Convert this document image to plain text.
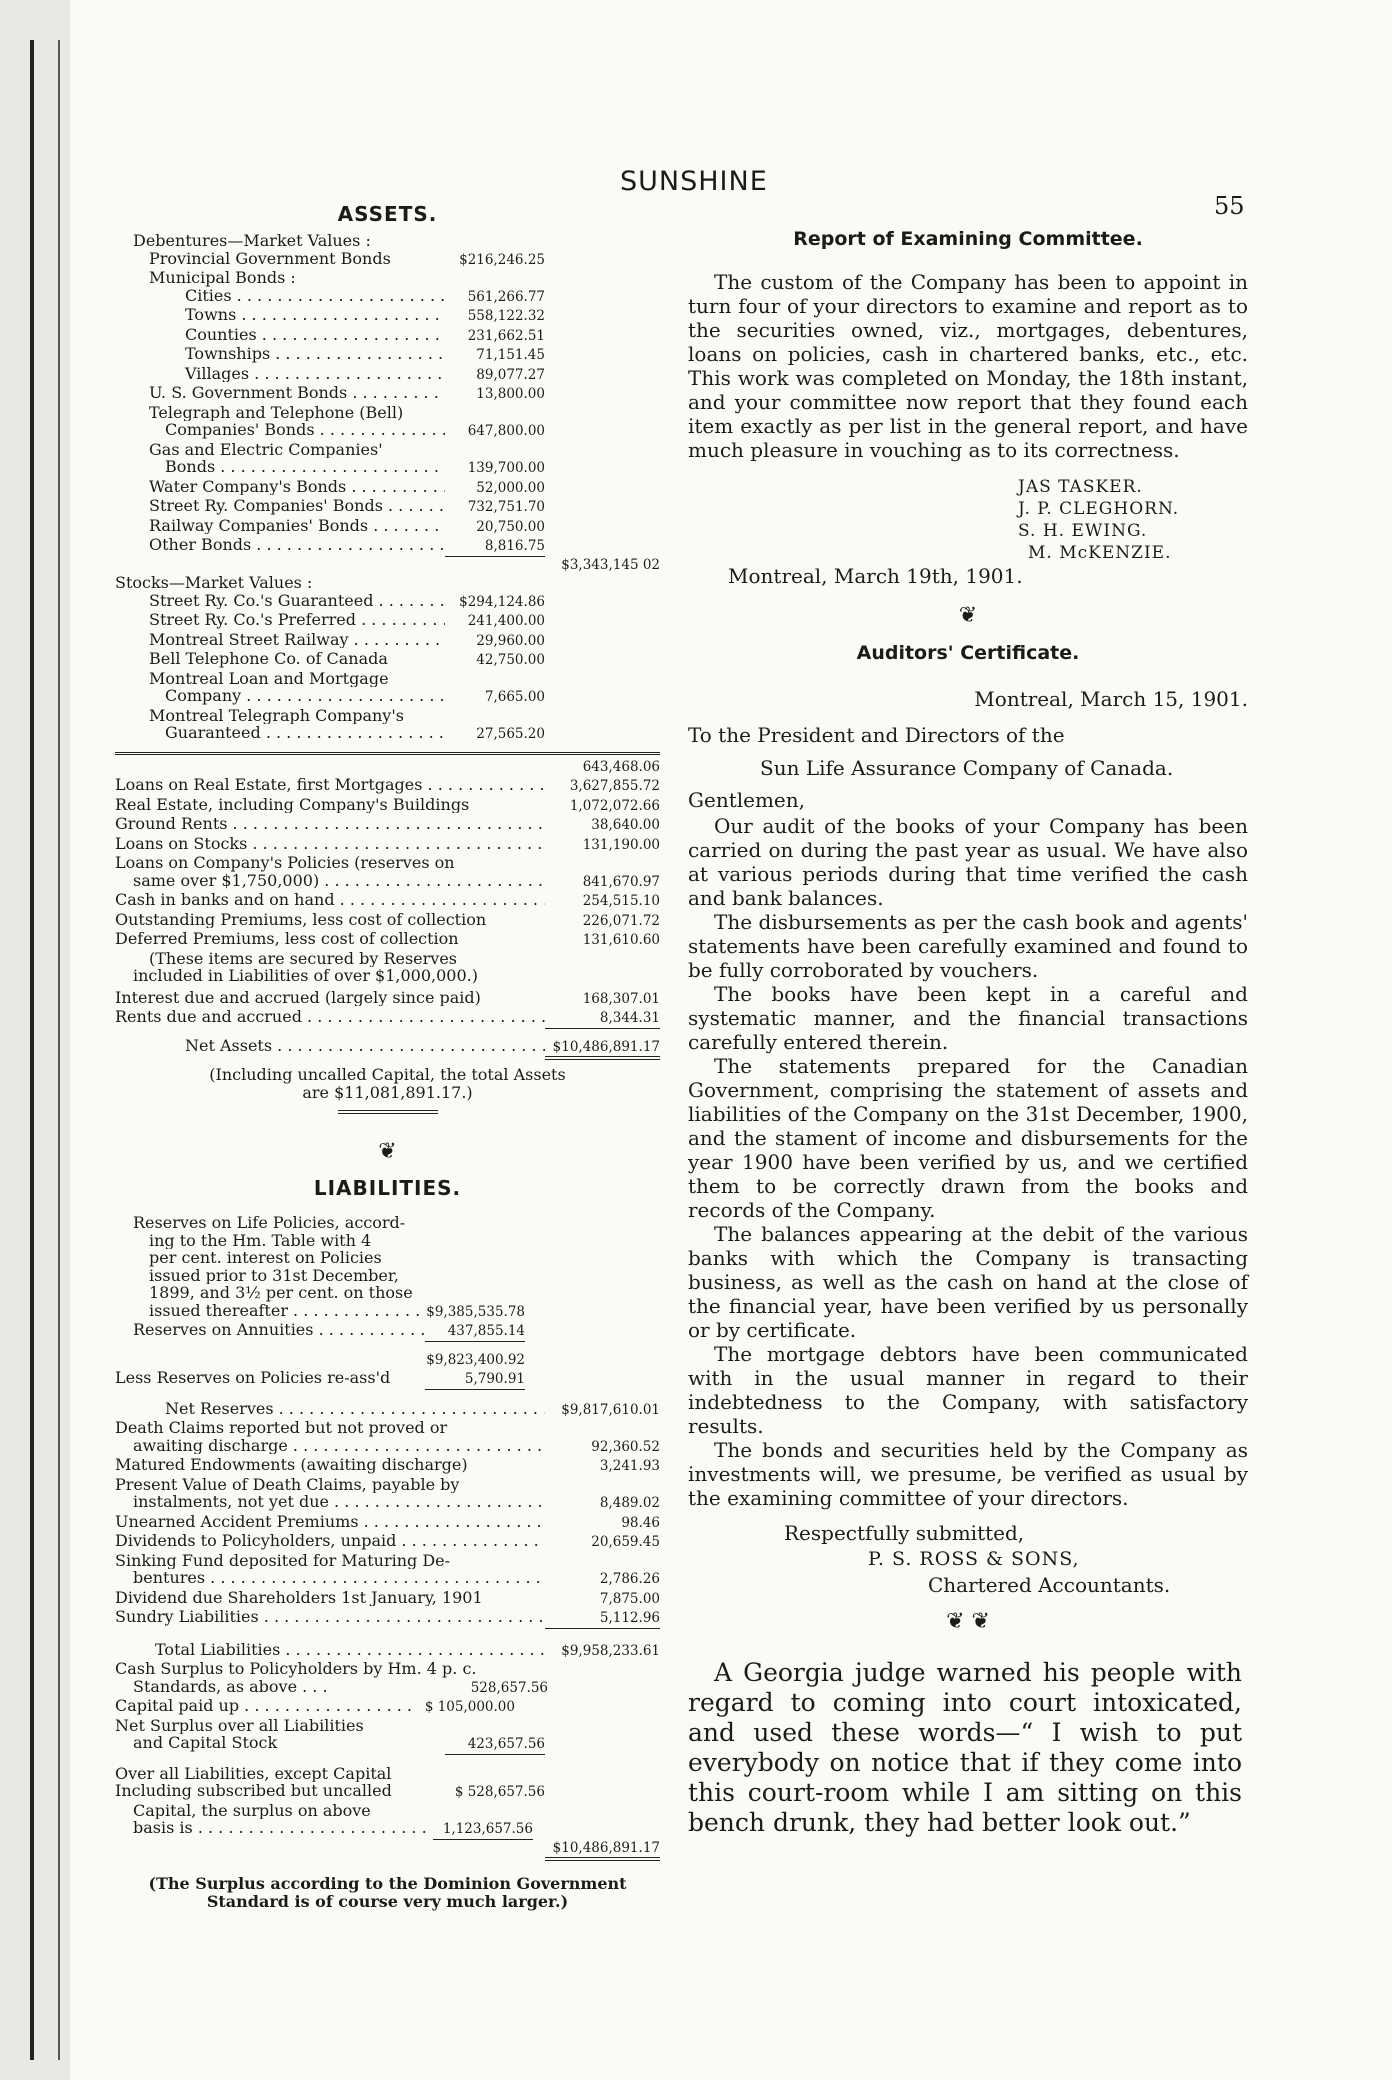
SUNSHINE
55
ASSETS.
Debentures—Market Values :
Provincial Government Bonds	$216,246.25
Municipal Bonds :
Cities . . .	561,266.77
Towns . . .	558,122.32
Counties . . .	231,662.51
Townships . . .	71,151.45
Villages . . .	89,077.27
U. S. Government Bonds . . .	13,800.00
Telegraph and Telephone (Bell)
Companies' Bonds . . .	647,800.00
Gas and Electric Companies'
Bonds . . .	139,700.00
Water Company's Bonds . . .	52,000.00
Street Ry. Companies' Bonds . . .	732,751.70
Railway Companies' Bonds . . .	20,750.00
Other Bonds . . .	8,816.75
$3,343,145 02
Stocks—Market Values :
Street Ry. Co.'s Guaranteed . . .	$294,124.86
Street Ry. Co.'s Preferred . . .	241,400.00
Montreal Street Railway . . .	29,960.00
Bell Telephone Co. of Canada	42,750.00
Montreal Loan and Mortgage
Company . . .	7,665.00
Montreal Telegraph Company's
Guaranteed . . .	27,565.20
643,468.06
Loans on Real Estate, first Mortgages . . .	3,627,855.72
Real Estate, including Company's Buildings	1,072,072.66
Ground Rents . . .	38,640.00
Loans on Stocks . . .	131,190.00
Loans on Company's Policies (reserves on
same over $1,750,000) . . .	841,670.97
Cash in banks and on hand . . .	254,515.10
Outstanding Premiums, less cost of collection	226,071.72
Deferred Premiums, less cost of collection	131,610.60
(These items are secured by Reserves
included in Liabilities of over $1,000,000.)
Interest due and accrued (largely since paid)	168,307.01
Rents due and accrued . . .	8,344.31
Net Assets . . .	$10,486,891.17
(Including uncalled Capital, the total Assets
are $11,081,891.17.)
❦
LIABILITIES.
Reserves on Life Policies, accord-
ing to the Hm. Table with 4
per cent. interest on Policies
issued prior to 31st December,
1899, and 3½ per cent. on those
issued thereafter . . .	$9,385,535.78
Reserves on Annuities . . .	437,855.14
$9,823,400.92
Less Reserves on Policies re-ass'd	5,790.91
Net Reserves . . .	$9,817,610.01
Death Claims reported but not proved or
awaiting discharge . . .	92,360.52
Matured Endowments (awaiting discharge)	3,241.93
Present Value of Death Claims, payable by
instalments, not yet due . . .	8,489.02
Unearned Accident Premiums . . .	98.46
Dividends to Policyholders, unpaid . . .	20,659.45
Sinking Fund deposited for Maturing De-
bentures . . .	2,786.26
Dividend due Shareholders 1st January, 1901	7,875.00
Sundry Liabilities . . .	5,112.96
Total Liabilities . . .	$9,958,233.61
Cash Surplus to Policyholders by Hm. 4 p. c.
Standards, as above . . .	528,657.56
Capital paid up . . .	$ 105,000.00
Net Surplus over all Liabilities
and Capital Stock	423,657.56
Over all Liabilities, except Capital
Including subscribed but uncalled	$ 528,657.56
Capital, the surplus on above
basis is . . .	1,123,657.56
$10,486,891.17
(The Surplus according to the Dominion Government
Standard is of course very much larger.)
Report of Examining Committee.

The custom of the Company has been to appoint in turn four of your directors to examine and report as to the securities owned, viz., mortgages, debentures, loans on policies, cash in chartered banks, etc., etc. This work was completed on Monday, the 18th instant, and your committee now report that they found each item exactly as per list in the general report, and have much pleasure in vouching as to its correctness.

JAS TASKER.
J. P. CLEGHORN.
S. H. EWING.
M. McKENZIE.
Montreal, March 19th, 1901.
❦
Auditors' Certificate.
Montreal, March 15, 1901.
To the President and Directors of the
Sun Life Assurance Company of Canada.
Gentlemen,

Our audit of the books of your Company has been carried on during the past year as usual. We have also at various periods during that time verified the cash and bank balances.

The disbursements as per the cash book and agents' statements have been carefully examined and found to be fully corroborated by vouchers.

The books have been kept in a careful and systematic manner, and the financial transactions carefully entered therein.

The statements prepared for the Canadian Government, comprising the statement of assets and liabilities of the Company on the 31st December, 1900, and the stament of income and disbursements for the year 1900 have been verified by us, and we certified them to be correctly drawn from the books and records of the Company.

The balances appearing at the debit of the various banks with which the Company is transacting business, as well as the cash on hand at the close of the financial year, have been verified by us personally or by certificate.

The mortgage debtors have been communicated with in the usual manner in regard to their indebtedness to the Company, with satisfactory results.

The bonds and securities held by the Company as investments will, we presume, be verified as usual by the examining committee of your directors.

Respectfully submitted,
P. S. ROSS & SONS,
Chartered Accountants.
❦ ❦
A Georgia judge warned his people with regard to coming into court intoxicated, and used these words—“ I wish to put everybody on notice that if they come into this court-room while I am sitting on this bench drunk, they had better look out.”
